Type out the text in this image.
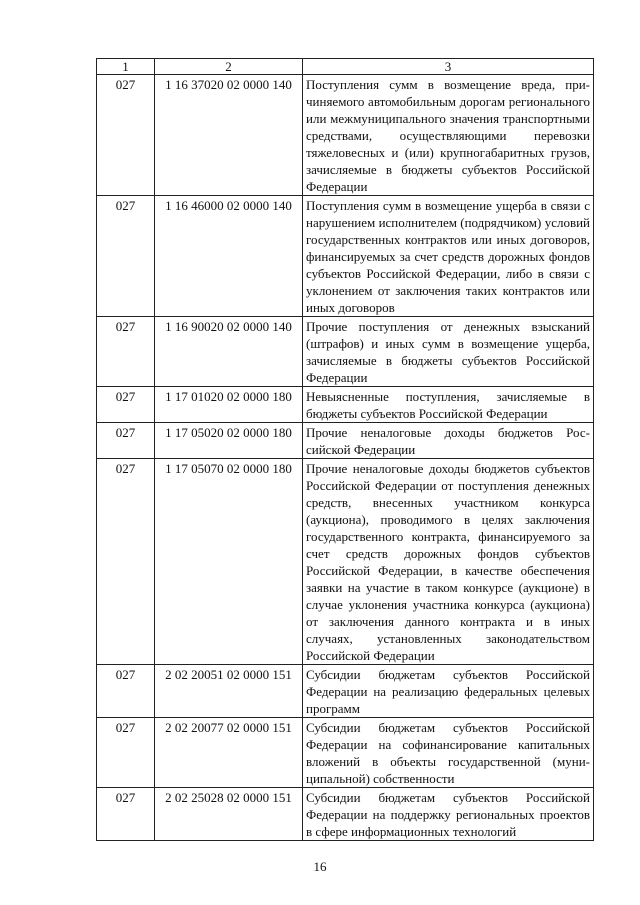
1	2	3
027	1 16 37020 02 0000 140	Поступления сумм в возмещение вреда, причиняемого автомобильным дорогам регионального или межмуниципального значения транспортными средствами, осуществляющими перевозки тяжеловесных и (или) крупногабаритных грузов, зачисляемые в бюджеты субъектов Российской Федерации
027	1 16 46000 02 0000 140	Поступления сумм в возмещение ущерба в связи с нарушением исполнителем (подрядчиком) условий государственных контрактов или иных договоров, финансируемых за счет средств дорожных фондов субъектов Российской Федерации, либо в связи с уклонением от заключения таких контрактов или иных договоров
027	1 16 90020 02 0000 140	Прочие поступления от денежных взысканий (штрафов) и иных сумм в возмещение ущерба, зачисляемые в бюджеты субъектов Российской Федерации
027	1 17 01020 02 0000 180	Невыясненные поступления, зачисляемые в бюджеты субъектов Российской Федерации
027	1 17 05020 02 0000 180	Прочие неналоговые доходы бюджетов Российской Федерации
027	1 17 05070 02 0000 180	Прочие неналоговые доходы бюджетов субъектов Российской Федерации от поступления денежных средств, внесенных участником конкурса (аукциона), проводимого в целях заключения государственного контракта, финансируемого за счет средств дорожных фондов субъектов Российской Федерации, в качестве обеспечения заявки на участие в таком конкурсе (аукционе) в случае уклонения участника конкурса (аукциона) от заключения данного контракта и в иных случаях, установленных законодательством Российской Федерации
027	2 02 20051 02 0000 151	Субсидии бюджетам субъектов Российской Федерации на реализацию федеральных целевых программ
027	2 02 20077 02 0000 151	Субсидии бюджетам субъектов Российской Федерации на софинансирование капитальных вложений в объекты государственной (муниципальной) собственности
027	2 02 25028 02 0000 151	Субсидии бюджетам субъектов Российской Федерации на поддержку региональных проектов в сфере информационных технологий
16
